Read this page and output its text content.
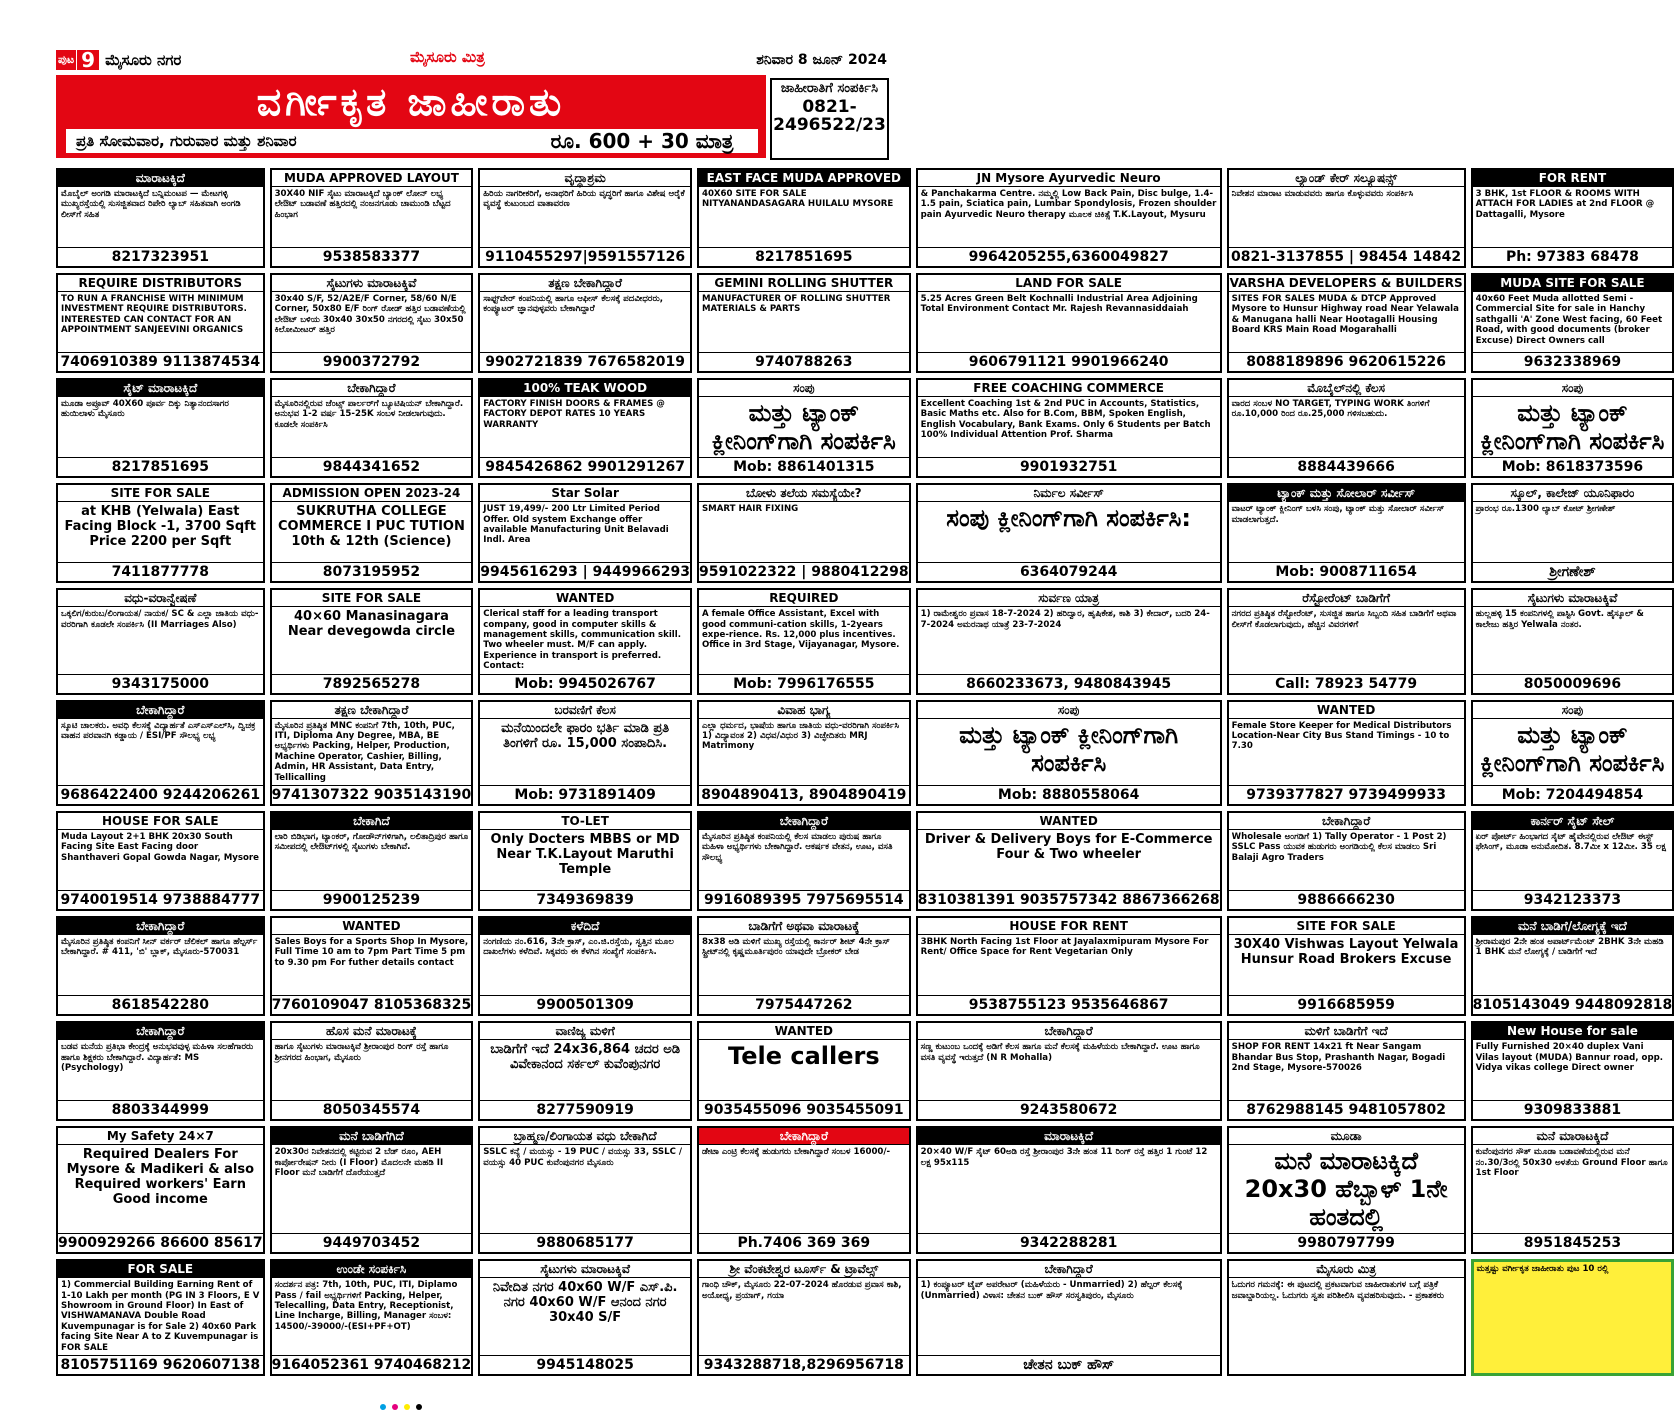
ಪುಟ 9 ಮೈಸೂರು ನಗರ	ಮೈಸೂರು ಮಿತ್ರ	ಶನಿವಾರ 8 ಜೂನ್ 2024
ವರ್ಗೀಕೃತ ಜಾಹೀರಾತು
ಪ್ರತಿ ಸೋಮವಾರ, ಗುರುವಾರ ಮತ್ತು ಶನಿವಾರ	ರೂ. 600 + 30 ಮಾತ್ರ
ಜಾಹೀರಾತಿಗೆ ಸಂಪರ್ಕಿಸಿ
0821-2496522/23
ಮಾರಾಟಕ್ಕಿದೆ
ಮೊಬೈಲ್ ಅಂಗಡಿ ಮಾರಾಟಕ್ಕಿದೆ ಬನ್ನಿಮಂಟಪ — ಮೇಟಗಳ್ಳಿ ಮುಖ್ಯರಸ್ತೆಯಲ್ಲಿ ಸುಸಜ್ಜಿತವಾದ ರಿಪೇರಿ ಲ್ಯಾಬ್ ಸಹಿತವಾಗಿ ಅಂಗಡಿ ಲೀಸ್‌ಗೆ ಸಹಿತ
8217323951
MUDA APPROVED LAYOUT
30X40 NIF ಸೈಟು ಮಾರಾಟಕ್ಕಿದೆ ಬ್ಯಾಂಕ್ ಲೋನ್ ಲಭ್ಯ ಲೇಔಟ್ ಬಡಾವಣೆ ಹತ್ತಿರದಲ್ಲಿ ನಂಜನಗೂಡು ಚಾಮುಂಡಿ ಬೆಟ್ಟದ ಹಿಂಭಾಗ
9538583377
ವೃದ್ಧಾಶ್ರಮ
ಹಿರಿಯ ನಾಗರೀಕರಿಗೆ, ಅನಾಥರಿಗೆ ಹಿರಿಯ ವೃದ್ಧರಿಗೆ ಹಾಗೂ ವಿಶೇಷ ಆರೈಕೆ ವ್ಯವಸ್ಥೆ ಕುಟುಂಬದ ವಾತಾವರಣ
9110455297|9591557126
EAST FACE MUDA APPROVED
40X60 SITE FOR SALE NITYANANDASAGARA HUILALU MYSORE
8217851695
JN Mysore Ayurvedic Neuro
& Panchakarma Centre. ನಮ್ಮಲ್ಲಿ Low Back Pain, Disc bulge, 1.4-1.5 pain, Sciatica pain, Lumbar Spondylosis, Frozen shoulder pain Ayurvedic Neuro therapy ಮೂಲಕ ಚಿಕಿತ್ಸೆ T.K.Layout, Mysuru
9964205255,6360049827
ಲ್ಯಾಂಡ್ ಕೇರ್ ಸಲ್ಯೂಷನ್ಸ್
ನಿವೇಶನ ಮಾರಾಟ ಮಾಡುವವರು ಹಾಗೂ ಕೊಳ್ಳುವವರು ಸಂಪರ್ಕಿಸಿ
0821-3137855 | 98454 14842
FOR RENT
3 BHK, 1st FLOOR & ROOMS WITH ATTACH FOR LADIES at 2nd FLOOR @ Dattagalli, Mysore
Ph: 97383 68478
REQUIRE DISTRIBUTORS
TO RUN A FRANCHISE WITH MINIMUM INVESTMENT REQUIRE DISTRIBUTORS. INTERESTED CAN CONTACT FOR AN APPOINTMENT SANJEEVINI ORGANICS
7406910389 9113874534
ಸೈಟುಗಳು ಮಾರಾಟಕ್ಕಿವೆ
30x40 S/F, 52/A2E/F Corner, 58/60 N/E Corner, 50x80 E/F ರಿಂಗ್ ರೋಡ್ ಹತ್ತಿರ ಬಡಾವಣೆಯಲ್ಲಿ ಲೇಔಟ್ ಬಳಿಯ 30x40 30x50 ನಗರದಲ್ಲಿ ಸೈಟು 30x50 ಕಿಲೋಮೀಟರ್ ಹತ್ತಿರ
9900372792
ತಕ್ಷಣ ಬೇಕಾಗಿದ್ದಾರೆ
ಸಾಫ್ಟ್‌ವೇರ್ ಕಂಪನಿಯಲ್ಲಿ ಹಾಗೂ ಆಫೀಸ್ ಕೆಲಸಕ್ಕೆ ಪದವೀಧರರು, ಕಂಪ್ಯೂಟರ್ ಜ್ಞಾನವುಳ್ಳವರು ಬೇಕಾಗಿದ್ದಾರೆ
9902721839 7676582019
GEMINI ROLLING SHUTTER
MANUFACTURER OF ROLLING SHUTTER MATERIALS & PARTS
9740788263
LAND FOR SALE
5.25 Acres Green Belt Kochnalli Industrial Area Adjoining Total Environment Contact Mr. Rajesh Revannasiddaiah
9606791121 9901966240
VARSHA DEVELOPERS & BUILDERS
SITES FOR SALES MUDA & DTCP Approved Mysore to Hunsur Highway road Near Yelawala & Manugana halli Near Hootagalli Housing Board KRS Main Road Mogarahalli
8088189896 9620615226
MUDA SITE FOR SALE
40x60 Feet Muda allotted Semi - Commercial Site for sale in Hanchy sathgalli 'A' Zone West facing, 60 Feet Road, with good documents (broker Excuse) Direct Owners call
9632338969
ಸೈಟ್ ಮಾರಾಟಕ್ಕಿದೆ
ಮೂಡಾ ಅಪ್ರೂವ್ 40X60 ಪೂರ್ವ ದಿಕ್ಕು ನಿತ್ಯಾನಂದಸಾಗರ ಹುಯಿಲಾಳು ಮೈಸೂರು
8217851695
ಬೇಕಾಗಿದ್ದಾರೆ
ಮೈಸೂರಿನಲ್ಲಿರುವ ಜೆಂಟ್ಸ್ ಪಾರ್ಲರ್‌ಗೆ ಬ್ಯೂಟಿಷಿಯನ್ ಬೇಕಾಗಿದ್ದಾರೆ. ಅನುಭವ 1-2 ವರ್ಷ 15-25K ಸಂಬಳ ನೀಡಲಾಗುವುದು. ಕೂಡಲೇ ಸಂಪರ್ಕಿಸಿ
9844341652
100% TEAK WOOD
FACTORY FINISH DOORS & FRAMES @ FACTORY DEPOT RATES 10 YEARS WARRANTY
9845426862 9901291267
ಸಂಪು
ಮತ್ತು ಟ್ಯಾಂಕ್ ಕ್ಲೀನಿಂಗ್‌ಗಾಗಿ ಸಂಪರ್ಕಿಸಿ
Mob: 8861401315
FREE COACHING COMMERCE
Excellent Coaching 1st & 2nd PUC in Accounts, Statistics, Basic Maths etc. Also for B.Com, BBM, Spoken English, English Vocabulary, Bank Exams. Only 6 Students per Batch 100% Individual Attention Prof. Sharma
9901932751
ಮೊಬೈಲ್‌ನಲ್ಲಿ ಕೆಲಸ
ವಾರದ ಸಂಬಳ NO TARGET, TYPING WORK ತಿಂಗಳಿಗೆ ರೂ.10,000 ರಿಂದ ರೂ.25,000 ಗಳಿಸಬಹುದು.
8884439666
ಸಂಪು
ಮತ್ತು ಟ್ಯಾಂಕ್ ಕ್ಲೀನಿಂಗ್‌ಗಾಗಿ ಸಂಪರ್ಕಿಸಿ
Mob: 8618373596
SITE FOR SALE
at KHB (Yelwala) East Facing Block -1, 3700 Sqft Price 2200 per Sqft
7411877778
ADMISSION OPEN 2023-24
SUKRUTHA COLLEGE COMMERCE I PUC TUTION 10th & 12th (Science)
8073195952
Star Solar
JUST 19,499/- 200 Ltr Limited Period Offer. Old system Exchange offer available Manufacturing Unit Belavadi Indl. Area
9945616293 | 9449966293
ಬೋಳು ತಲೆಯ ಸಮಸ್ಯೆಯೇ?
SMART HAIR FIXING
9591022322 | 9880412298
ನಿರ್ಮಲ ಸರ್ವೀಸ್
ಸಂಪು ಕ್ಲೀನಿಂಗ್‌ಗಾಗಿ ಸಂಪರ್ಕಿಸಿ:
6364079244
ಟ್ಯಾಂಕ್ ಮತ್ತು ಸೋಲಾರ್ ಸರ್ವೀಸ್
ವಾಟರ್ ಟ್ಯಾಂಕ್ ಕ್ಲೀನಿಂಗ್ ಬಳಸಿ ಸಂಪು, ಟ್ಯಾಂಕ್ ಮತ್ತು ಸೋಲಾರ್ ಸರ್ವೀಸ್ ಮಾಡಲಾಗುತ್ತದೆ.
Mob: 9008711654
ಸ್ಕೂಲ್, ಕಾಲೇಜ್ ಯೂನಿಫಾರಂ
ಪ್ರಾರಂಭ ರೂ.1300 ಲ್ಯಾಬ್ ಕೋಟ್ ಶ್ರೀಗಣೇಶ್
ಶ್ರೀಗಣೇಶ್
ವಧು-ವರಾನ್ವೇಷಣೆ
ಒಕ್ಕಲಿಗ/ಕುರುಬ/ಲಿಂಗಾಯತ/ ನಾಯಕ/ SC & ಎಲ್ಲಾ ಜಾತಿಯ ವಧು-ವರರಿಗಾಗಿ ಕೂಡಲೇ ಸಂಪರ್ಕಿಸಿ (II Marriages Also)
9343175000
SITE FOR SALE
40×60 Manasinagara Near devegowda circle
7892565278
WANTED
Clerical staff for a leading transport company, good in computer skills & management skills, communication skill. Two wheeler must. M/F can apply. Experience in transport is preferred. Contact:
Mob: 9945026767
REQUIRED
A female Office Assistant, Excel with good communi-cation skills, 1-2years expe-rience. Rs. 12,000 plus incentives. Office in 3rd Stage, Vijayanagar, Mysore.
Mob: 7996176555
ಸುರ್ವಣ ಯಾತ್ರ
1) ರಾಮೇಶ್ವರಂ ಪ್ರವಾಸ 18-7-2024 2) ಹರಿದ್ವಾರ, ಹೃಷಿಕೇಶ, ಕಾಶಿ 3) ಕೇದಾರ್, ಬದರಿ 24-7-2024 ಅಮರನಾಥ ಯಾತ್ರೆ 23-7-2024
8660233673, 9480843945
ರೆಸ್ಟೋರೆಂಟ್ ಬಾಡಿಗೆಗೆ
ನಗರದ ಪ್ರತಿಷ್ಠಿತ ರೆಸ್ಟೋರೆಂಟ್, ಸುಸಜ್ಜಿತ ಹಾಗೂ ಸಿಬ್ಬಂದಿ ಸಹಿತ ಬಾಡಿಗೆಗೆ ಅಥವಾ ಲೀಸ್‌ಗೆ ಕೊಡಲಾಗುವುದು, ಹೆಚ್ಚಿನ ವಿವರಗಳಿಗೆ
Call: 78923 54779
ಸೈಟುಗಳು ಮಾರಾಟಕ್ಕಿವೆ
ಹುಲ್ಲಹಳ್ಳಿ 15 ಕಂಪನಿಗಳಲ್ಲಿ ಪಾಸ್ಟಿಸಿ Govt. ಹೈಸ್ಕೂಲ್ & ಕಾಲೇಜು ಹತ್ತಿರ Yelwala ನಂತರ.
8050009696
ಬೇಕಾಗಿದ್ದಾರೆ
ಸ್ಕೂಟಿ ಚಾಲಕರು. ಅವಧಿ ಕೆಲಸಕ್ಕೆ ವಿದ್ಯಾರ್ಹತೆ ಎಸ್‌ಎಸ್‌ಎಲ್‌ಸಿ, ದ್ವಿಚಕ್ರ ವಾಹನ ಪರವಾನಗಿ ಕಡ್ಡಾಯ / ESI/PF ಸೌಲಭ್ಯ ಲಭ್ಯ
9686422400 9244206261
ತಕ್ಷಣ ಬೇಕಾಗಿದ್ದಾರೆ
ಮೈಸೂರಿನ ಪ್ರತಿಷ್ಠಿತ MNC ಕಂಪನಿಗೆ 7th, 10th, PUC, ITI, Diploma Any Degree, MBA, BE ಅಭ್ಯರ್ಥಿಗಳು Packing, Helper, Production, Machine Operator, Cashier, Billing, Admin, HR Assistant, Data Entry, Tellicalling
9741307322 9035143190
ಬರವಣಿಗೆ ಕೆಲಸ
ಮನೆಯಿಂದಲೇ ಫಾರಂ ಭರ್ತಿ ಮಾಡಿ ಪ್ರತಿ ತಿಂಗಳಿಗೆ ರೂ. 15,000 ಸಂಪಾದಿಸಿ.
Mob: 9731891409
ವಿವಾಹ ಭಾಗ್ಯ
ಎಲ್ಲಾ ಧರ್ಮದ, ಭಾಷೆಯ ಹಾಗೂ ಜಾತಿಯ ವಧು-ವರರಿಗಾಗಿ ಸಂಪರ್ಕಿಸಿ 1) ವಿದ್ಯಾವಂತ 2) ವಿಧವ/ವಿಧುರ 3) ವಿಚ್ಛೇದಿತರು MRJ Matrimony
8904890413, 8904890419
ಸಂಪು
ಮತ್ತು ಟ್ಯಾಂಕ್ ಕ್ಲೀನಿಂಗ್‌ಗಾಗಿ ಸಂಪರ್ಕಿಸಿ
Mob: 8880558064
WANTED
Female Store Keeper for Medical Distributors Location-Near City Bus Stand Timings - 10 to 7.30
9739377827 9739499933
ಸಂಪು
ಮತ್ತು ಟ್ಯಾಂಕ್ ಕ್ಲೀನಿಂಗ್‌ಗಾಗಿ ಸಂಪರ್ಕಿಸಿ
Mob: 7204494854
HOUSE FOR SALE
Muda Layout 2+1 BHK 20x30 South Facing Site East Facing door Shanthaveri Gopal Gowda Nagar, Mysore
9740019514 9738884777
ಬೇಕಾಗಿದೆ
ಲಾರಿ ಬಿಡಿಭಾಗ, ಟ್ಯಾಂಕರ್, ಗೋಡೌನ್‌ಗಳಿಗಾಗಿ, ಲಲಿತಾದ್ರಿಪುರ ಹಾಗೂ ಸಮೀಪದಲ್ಲಿ ಲೇಔಟ್‌ಗಳಲ್ಲಿ ಸೈಟುಗಳು ಬೇಕಾಗಿವೆ.
9900125239
TO-LET
Only Docters MBBS or MD Near T.K.Layout Maruthi Temple
7349369839
ಬೇಕಾಗಿದ್ದಾರೆ
ಮೈಸೂರಿನ ಪ್ರತಿಷ್ಠಿತ ಕಂಪನಿಯಲ್ಲಿ ಕೆಲಸ ಮಾಡಲು ಪುರುಷ ಹಾಗೂ ಮಹಿಳಾ ಅಭ್ಯರ್ಥಿಗಳು ಬೇಕಾಗಿದ್ದಾರೆ. ಆಕರ್ಷಕ ವೇತನ, ಊಟ, ವಸತಿ ಸೌಲಭ್ಯ
9916089395 7975695514
WANTED
Driver & Delivery Boys for E-Commerce Four & Two wheeler
8310381391 9035757342 8867366268
ಬೇಕಾಗಿದ್ದಾರೆ
Wholesale ಅಂಗಡಿಗೆ 1) Tally Operator - 1 Post 2) SSLC Pass ಯುವಕ ಹುಡುಗರು ಅಂಗಡಿಯಲ್ಲಿ ಕೆಲಸ ಮಾಡಲು Sri Balaji Agro Traders
9886666230
ಕಾರ್ನರ್ ಸೈಟ್ ಸೇಲ್
ಏರ್ ಪೋರ್ಟ್ ಹಿಂಭಾಗದ ಸೈಟ್ ಹೈವೇನಲ್ಲಿರುವ ಲೇಔಟ್ ಈಸ್ಟ್ ಫೇಸಿಂಗ್, ಮೂಡಾ ಅನುಮೋದಿತ. 8.7ಮೀ x 12ಮೀ. 35 ಲಕ್ಷ
9342123373
ಬೇಕಾಗಿದ್ದಾರೆ
ಮೈಸೂರಿನ ಪ್ರತಿಷ್ಠಿತ ಕಂಪನಿಗೆ ಸೀನ್ ವರ್ಕರ್ ಚೆಲಿಕಲ್ ಹಾಗೂ ಹೆಲ್ಪರ್ಸ್ ಬೇಕಾಗಿದ್ದಾರೆ. # 411, 'ಬಿ' ಬ್ಲಾಕ್, ಮೈಸೂರು-570031
8618542280
WANTED
Sales Boys for a Sports Shop In Mysore, Full Time 10 am to 7pm Part Time 5 pm to 9.30 pm For futher details contact
7760109047 8105368325
ಕಳೆದಿದೆ
ನಂಗಣಿಯ ನಂ.616, 3ನೇ ಕ್ರಾಸ್, ಎಂ.ಜಿ.ರಸ್ತೆಯ, ಸ್ವತ್ತಿನ ಮೂಲ ದಾಖಲೆಗಳು ಕಳೆದಿವೆ. ಸಿಕ್ಕವರು ಈ ಕೆಳಗಿನ ಸಂಖ್ಯೆಗೆ ಸಂಪರ್ಕಿಸಿ.
9900501309
ಬಾಡಿಗೆಗೆ ಅಥವಾ ಮಾರಾಟಕ್ಕೆ
8x38 ಅಡಿ ಮಳಿಗೆ ಮುಖ್ಯ ರಸ್ತೆಯಲ್ಲಿ ಕಾರ್ನರ್ ಶೀಟ್ 4ನೇ ಕ್ರಾಸ್ ಸ್ಟ್ರೀಟ್‌ನಲ್ಲಿ ಕೃಷ್ಣಮೂರ್ತಿಪುರಂ ಯಾವುದೇ ಬ್ರೋಕರ್ ಬೇಡ
7975447262
HOUSE FOR RENT
3BHK North Facing 1st Floor at Jayalaxmipuram Mysore For Rent/ Office Space for Rent Vegetarian Only
9538755123 9535646867
SITE FOR SALE
30X40 Vishwas Layout Yelwala Hunsur Road Brokers Excuse
9916685959
ಮನೆ ಬಾಡಿಗೆ/ಲೋಗ್ಯಕ್ಕೆ ಇದೆ
ಶ್ರೀರಾಮಪುರ 2ನೇ ಹಂತ ಅಪಾರ್ಟ್‌ಮೆಂಟ್ 2BHK 3ನೇ ಮಹಡಿ 1 BHK ಮನೆ ಲೋಗ್ಯಕ್ಕೆ / ಬಾಡಿಗೆಗೆ ಇದೆ
8105143049 9448092818
ಬೇಕಾಗಿದ್ದಾರೆ
ಬಡವ ಮನೆಯ ಪ್ರತಿಭಾ ಕೇಂದ್ರಕ್ಕೆ ಅನುಭವವುಳ್ಳ ಮಹಿಳಾ ಸಲಹೆಗಾರರು ಹಾಗೂ ಶಿಕ್ಷಕರು ಬೇಕಾಗಿದ್ದಾರೆ. ವಿದ್ಯಾರ್ಹತೆ: MS (Psychology)
8803344999
ಹೊಸ ಮನೆ ಮಾರಾಟಕ್ಕೆ
ಹಾಗೂ ಸೈಟುಗಳು ಮಾರಾಟಕ್ಕಿವೆ ಶ್ರೀರಾಂಪುರ ರಿಂಗ್ ರಸ್ತೆ ಹಾಗೂ ಶ್ರೀನಗರದ ಹಿಂಭಾಗ, ಮೈಸೂರು
8050345574
ವಾಣಿಜ್ಯ ಮಳಿಗೆ
ಬಾಡಿಗೆಗೆ ಇದೆ 24x36,864 ಚದರ ಅಡಿ ವಿವೇಕಾನಂದ ಸರ್ಕಲ್ ಕುವೆಂಪುನಗರ
8277590919
WANTED
Tele callers
9035455096 9035455091
ಬೇಕಾಗಿದ್ದಾರೆ
ಸಣ್ಣ ಕುಟುಂಬ ಒಂದಕ್ಕೆ ಅಡಿಗೆ ಕೆಲಸ ಹಾಗೂ ಮನೆ ಕೆಲಸಕ್ಕೆ ಮಹಿಳೆಯರು ಬೇಕಾಗಿದ್ದಾರೆ. ಊಟ ಹಾಗೂ ವಸತಿ ವ್ಯವಸ್ಥೆ ಇರುತ್ತದೆ (N R Mohalla)
9243580672
ಮಳಿಗೆ ಬಾಡಿಗೆಗೆ ಇದೆ
SHOP FOR RENT 14x21 ft Near Sangam Bhandar Bus Stop, Prashanth Nagar, Bogadi 2nd Stage, Mysore-570026
8762988145 9481057802
New House for sale
Fully Furnished 20×40 duplex Vani Vilas layout (MUDA) Bannur road, opp. Vidya vikas college Direct owner
9309833881
My Safety 24×7
Required Dealers For Mysore & Madikeri & also Required workers' Earn Good income
9900929266 86600 85617
ಮನೆ ಬಾಡಿಗೆಗಿದೆ
20x30ರ ನಿವೇಶನದಲ್ಲಿ ಕಟ್ಟಿರುವ 2 ಬೆಡ್ ರೂಂ, AEH ಕಾರ್ಪೋರೇಷನ್ ನೀರು (I Floor) ಮೊದಲನೇ ಮಹಡಿ II Floor ಮನೆ ಬಾಡಿಗೆಗೆ ದೊರೆಯುತ್ತದೆ
9449703452
ಬ್ರಾಹ್ಮಣ/ಲಿಂಗಾಯತ ವಧು ಬೇಕಾಗಿದೆ
SSLC ಕನ್ಯೆ / ಮಯಸ್ಸು - 19 PUC / ವಯಸ್ಸು 33, SSLC / ವಯಸ್ಸು 40 PUC ಕುವೆಂಪುನಗರ ಮೈಸೂರು
9880685177
ಬೇಕಾಗಿದ್ದಾರೆ
ಡೇಟಾ ಎಂಟ್ರಿ ಕೆಲಸಕ್ಕೆ ಹುಡುಗರು ಬೇಕಾಗಿದ್ದಾರೆ ಸಂಬಳ 16000/-
Ph.7406 369 369
ಮಾರಾಟಕ್ಕಿದೆ
20×40 W/F ಸೈಟ್ 60ಅಡಿ ರಸ್ತೆ ಶ್ರೀರಾಂಪುರ 3ನೇ ಹಂತ 11 ರಿಂಗ್ ರಸ್ತೆ ಹತ್ತಿರ 1 ಗುಂಟೆ 12 ಲಕ್ಷ 95x115
9342288281
ಮೂಡಾ
ಮನೆ ಮಾರಾಟಕ್ಕಿದೆ 20x30 ಹೆಬ್ಬಾಳ್ 1ನೇ ಹಂತದಲ್ಲಿ
9980797799
ಮನೆ ಮಾರಾಟಕ್ಕಿದೆ
ಕುವೆಂಪುನಗರ ಸೌತ್ ಮೂಡಾ ಬಡಾವಣೆಯಲ್ಲಿರುವ ಮನೆ ನಂ.30/3ರಲ್ಲಿ 50x30 ಅಳತೆಯ Ground Floor ಹಾಗೂ 1st Floor
8951845253
FOR SALE
1) Commercial Building Earning Rent of 1-10 Lakh per month (PG IN 3 Floors, E V Showroom in Ground Floor) In East of VISHWAMANAVA Double Road Kuvempunagar is for Sale 2) 40x60 Park facing Site Near A to Z Kuvempunagar is FOR SALE
8105751169 9620607138
ಉಂಡೇ ಸಂಪರ್ಕಿಸಿ
ಸಂದರ್ಶನ ಪತ್ರ: 7th, 10th, PUC, ITI, Diplamo Pass / fail ಅಭ್ಯರ್ಥಿಗಳಿಗೆ Packing, Helper, Telecalling, Data Entry, Receptionist, Line Incharge, Billing, Manager ಸಂಬಳ: 14500/-39000/-(ESI+PF+OT)
9164052361 9740468212
ಸೈಟುಗಳು ಮಾರಾಟಕ್ಕಿವೆ
ನಿವೇದಿತ ನಗರ 40x60 W/F ಎಸ್.ಪಿ. ನಗರ 40x60 W/F ಆನಂದ ನಗರ 30x40 S/F
9945148025
ಶ್ರೀ ವೆಂಕಟೇಶ್ವರ ಟೂರ್ಸ್ & ಟ್ರಾವೆಲ್ಸ್
ಗಾಂಧಿ ಚೌಕ್, ಮೈಸೂರು 22-07-2024 ಹೊರಡುವ ಪ್ರವಾಸ ಕಾಶಿ, ಅಯೋಧ್ಯ, ಪ್ರಯಾಗ್, ಗಯಾ
9343288718,8296956718
ಬೇಕಾಗಿದ್ದಾರೆ
1) ಕಂಪ್ಯೂಟರ್ ಟೈಪ್ ಅಪರೇಟರ್ (ಮಹಿಳೆಯರು - Unmarried) 2) ಹೆಲ್ಪರ್ ಕೆಲಸಕ್ಕೆ (Unmarried) ವಿಳಾಸ: ಚೇತನ ಬುಕ್ ಹೌಸ್ ಸರಸ್ವತಿಪುರಂ, ಮೈಸೂರು
ಚೇತನ ಬುಕ್ ಹೌಸ್
ಮೈಸೂರು ಮಿತ್ರ
ಓದುಗರ ಗಮನಕ್ಕೆ: ಈ ಪುಟದಲ್ಲಿ ಪ್ರಕಟವಾಗುವ ಜಾಹೀರಾತುಗಳ ಬಗ್ಗೆ ಪತ್ರಿಕೆ ಜವಾಬ್ದಾರಿಯಲ್ಲ. ಓದುಗರು ಸ್ವತಃ ಪರಿಶೀಲಿಸಿ ವ್ಯವಹರಿಸುವುದು. - ಪ್ರಕಾಶಕರು
ಮತ್ತಷ್ಟು ವರ್ಗೀಕೃತ ಜಾಹೀರಾತು ಪುಟ 10 ರಲ್ಲಿ
